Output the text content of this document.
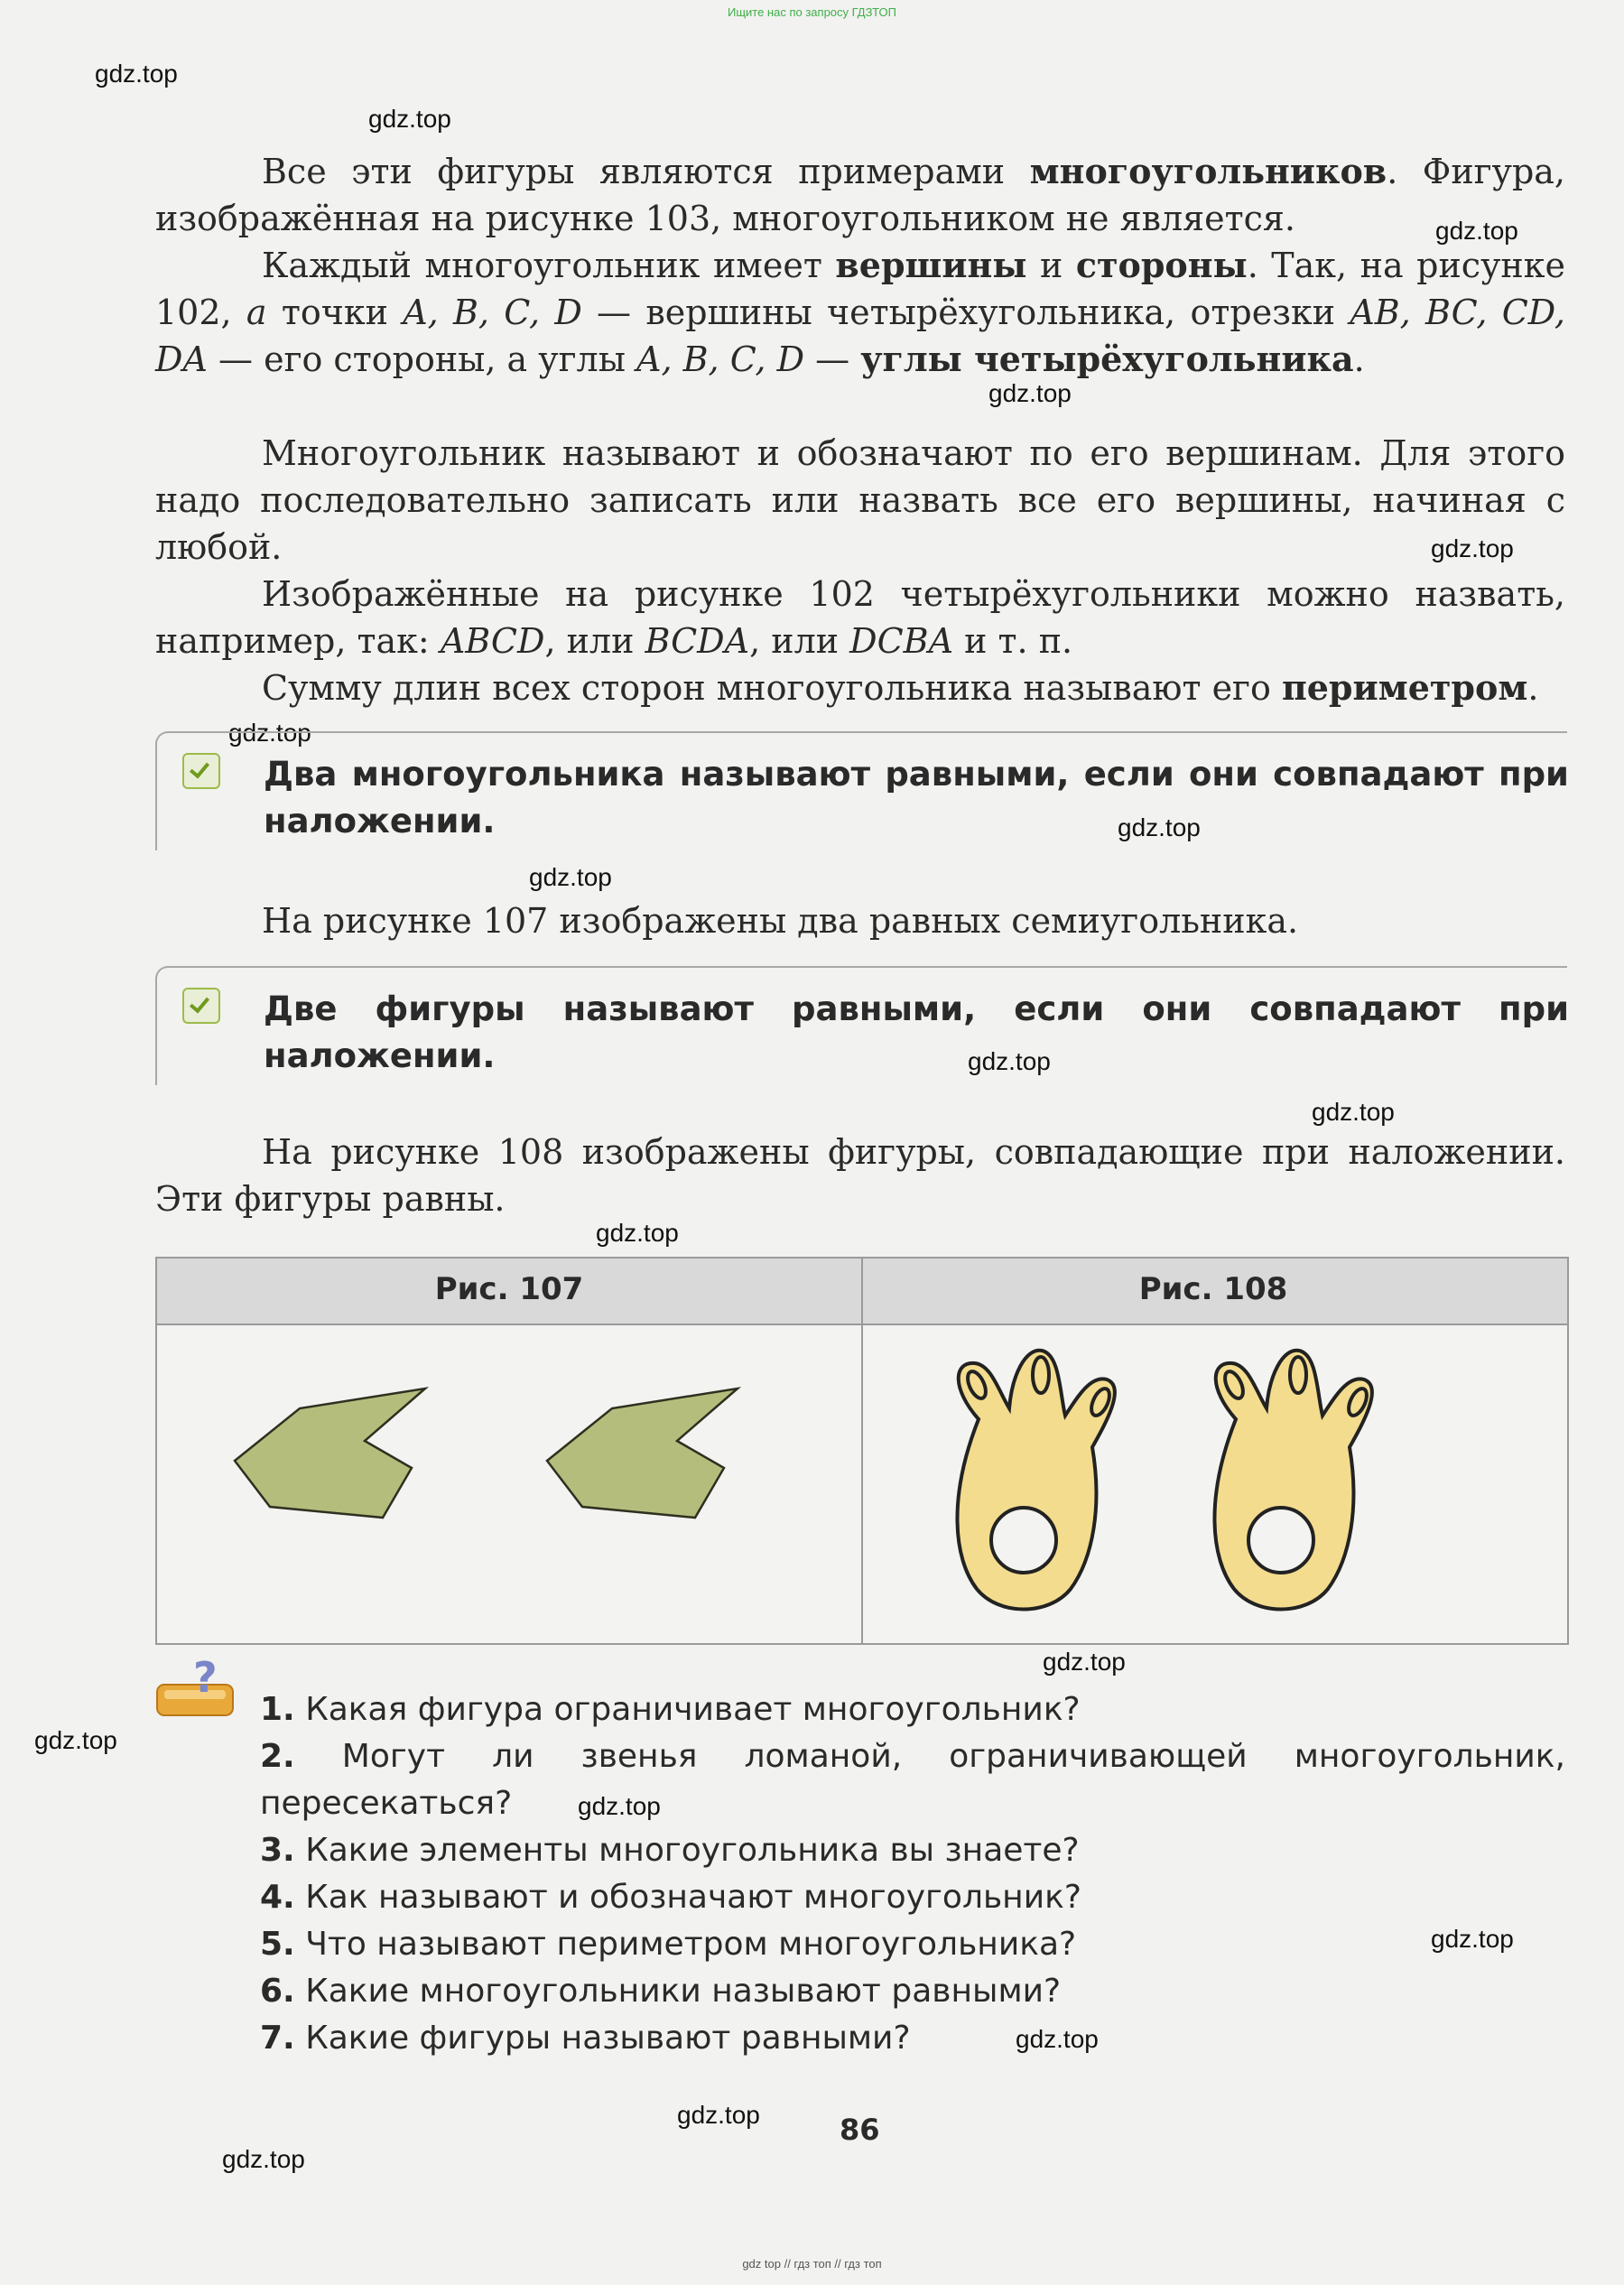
Ищите нас по запросу ГДЗТОП
gdz.top
gdz.top
gdz.top
gdz.top
gdz.top
gdz.top
gdz.top
gdz.top
gdz.top
gdz.top
gdz.top
gdz.top
gdz.top
gdz.top
gdz.top
gdz.top
gdz.top
gdz.top
Все эти фигуры являются примерами многоугольников. Фигура, изображённая на рисунке 103, многоугольником не является.
Каждый многоугольник имеет вершины и стороны. Так, на рисунке 102, а точки A, B, C, D — вершины четырёхугольника, отрезки AB, BC, CD, DA — его стороны, а углы A, B, C, D — углы четырёхугольника.
Многоугольник называют и обозначают по его вершинам. Для этого надо последовательно записать или назвать все его вершины, начиная с любой.
Изображённые на рисунке 102 четырёхугольники можно назвать, например, так: ABCD, или BCDA, или DCBA и т. п.
Сумму длин всех сторон многоугольника называют его периметром.
Два многоугольника называют равными, если они совпадают при наложении.
На рисунке 107 изображены два равных семиугольника.
Две фигуры называют равными, если они совпадают при наложении.
На рисунке 108 изображены фигуры, совпадающие при наложении. Эти фигуры равны.
Рис. 107	Рис. 108
?
1. Какая фигура ограничивает многоугольник?
2. Могут ли звенья ломаной, ограничивающей многоугольник, пересекаться?
3. Какие элементы многоугольника вы знаете?
4. Как называют и обозначают многоугольник?
5. Что называют периметром многоугольника?
6. Какие многоугольники называют равными?
7. Какие фигуры называют равными?
86
gdz top // гдз топ // гдз топ
